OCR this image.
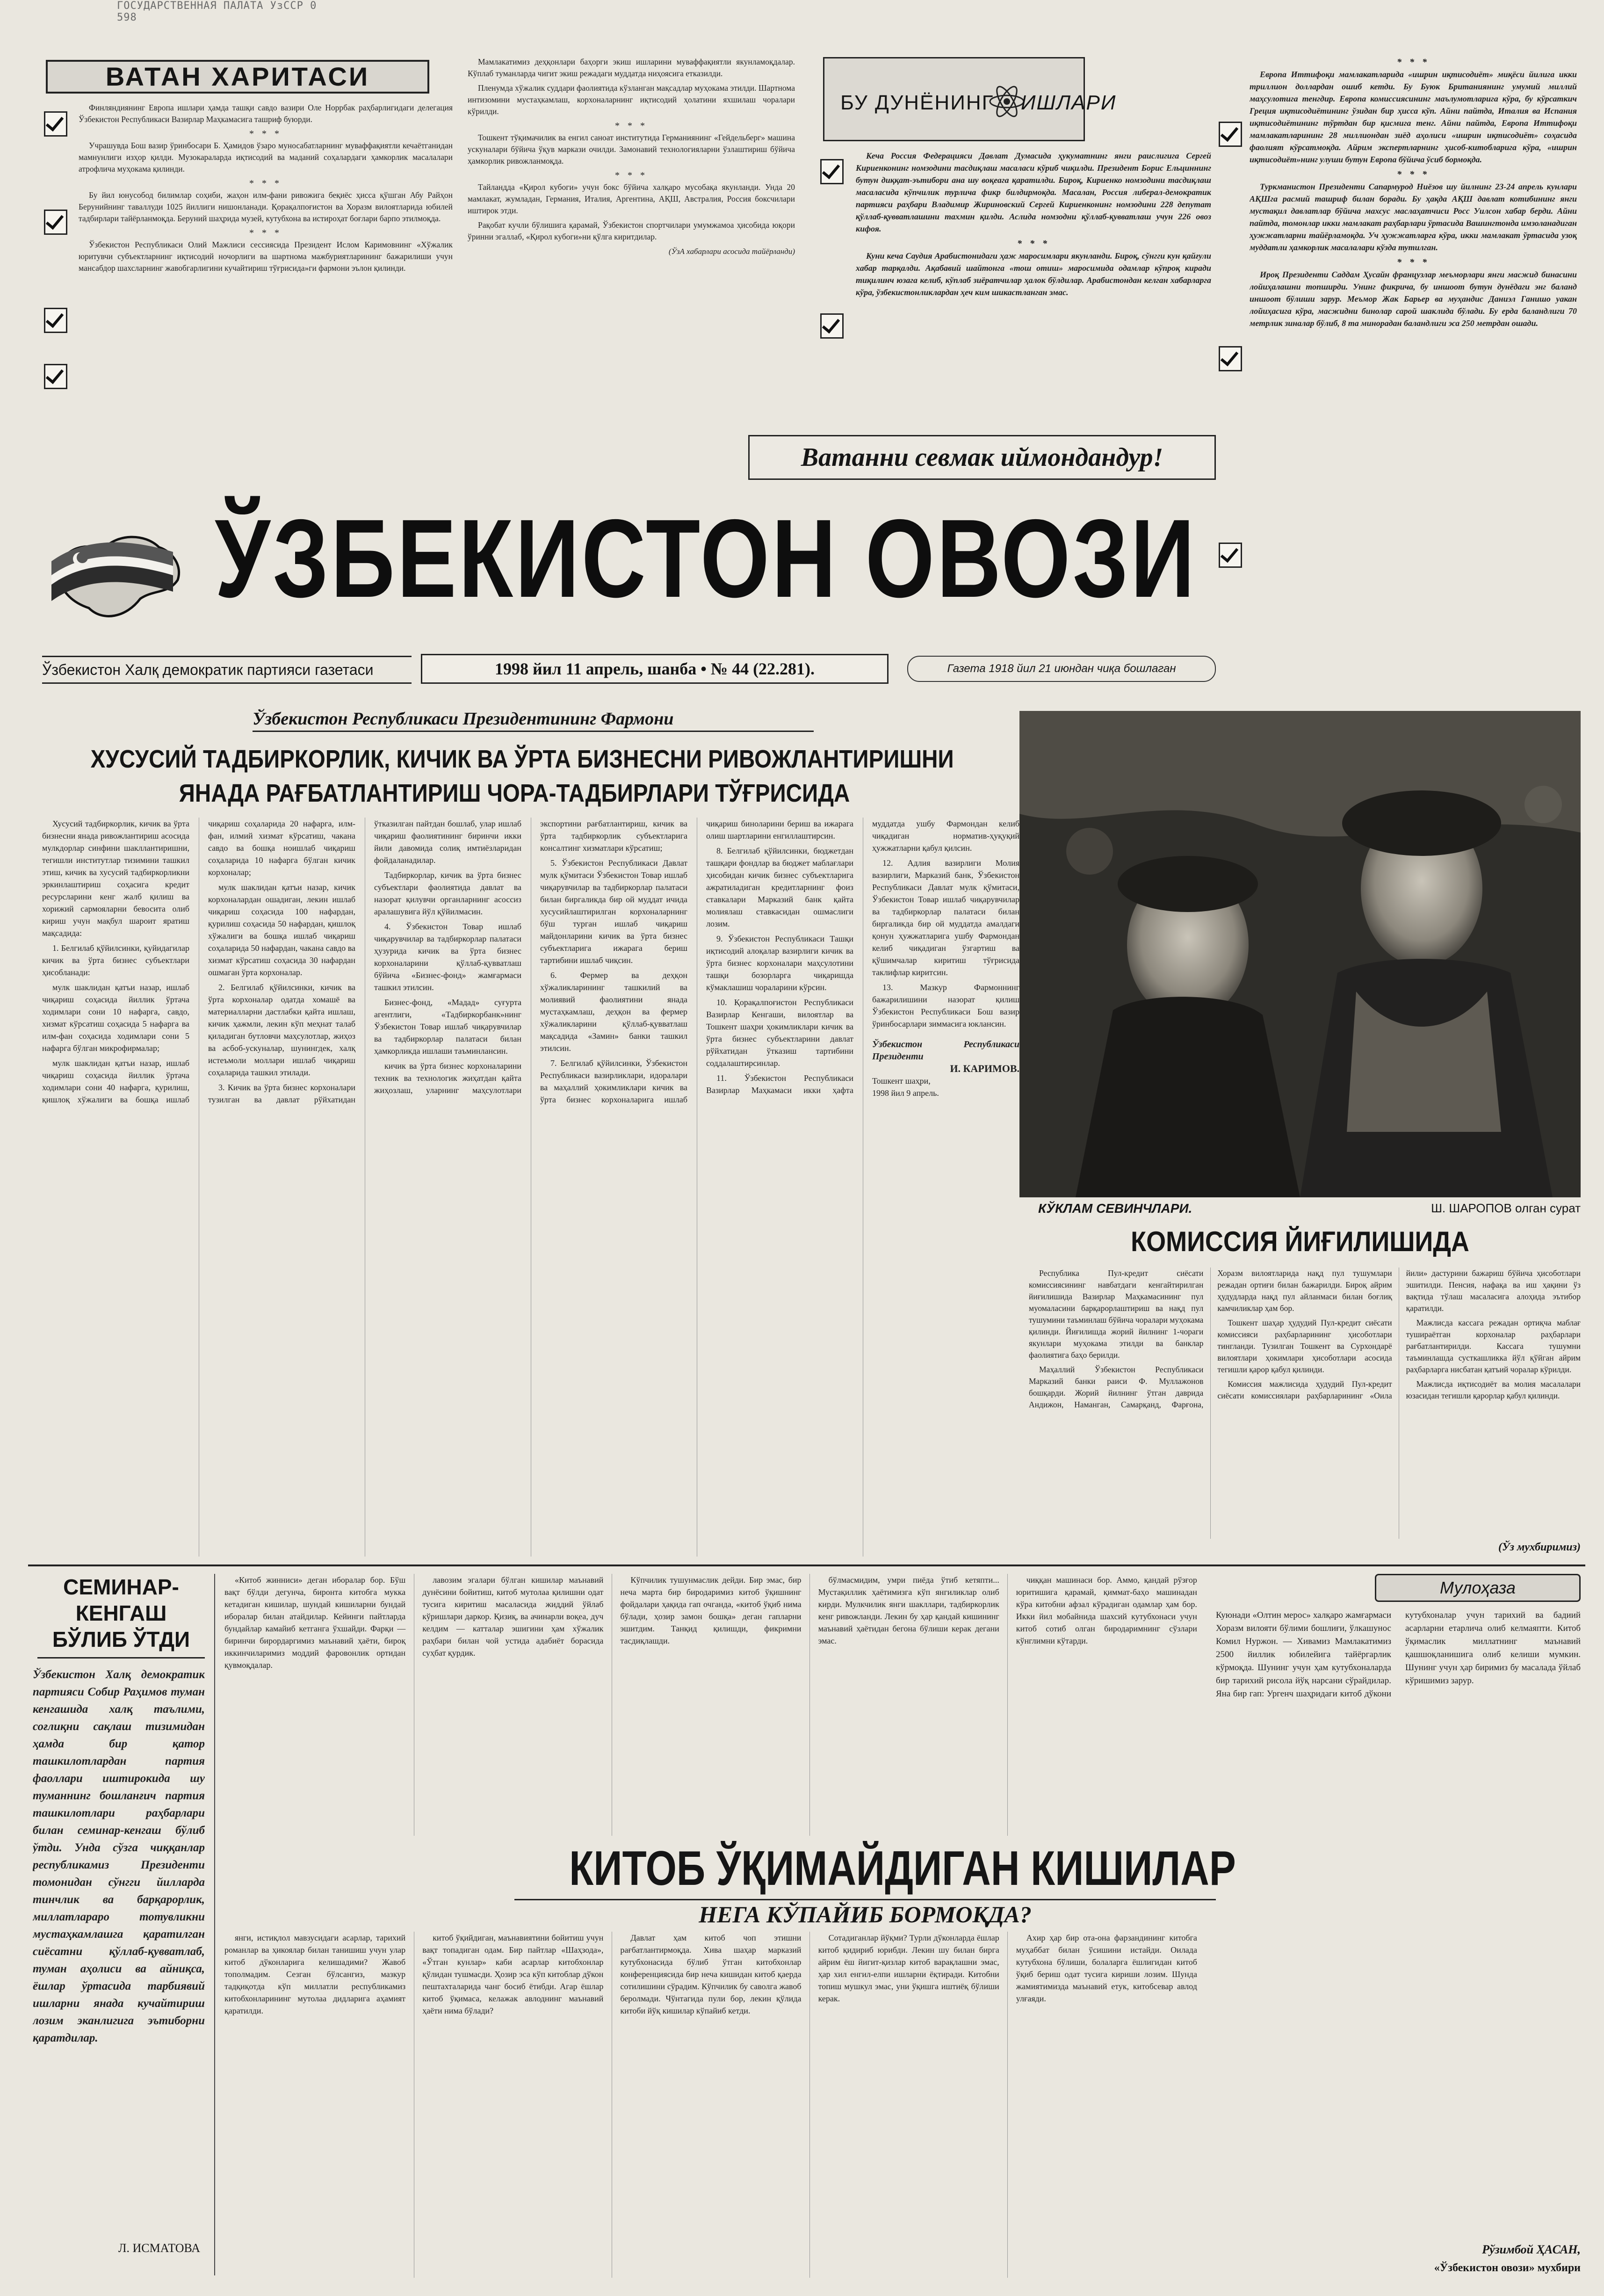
ГОСУДАРСТВЕННАЯ ПАЛАТА УзССР 0 598
ВАТАН ХАРИТАСИ

Финляндиянинг Европа ишлари ҳамда ташқи савдо вазири Оле Норрбак раҳбарлигидаги делегация Ўзбекистон Республикаси Вазирлар Маҳкамасига ташриф буюрди.

* * *

Учрашувда Бош вазир ўринбосари Б. Ҳамидов ўзаро муносабатларнинг муваффақиятли кечаётганидан мамнунлиги изҳор қилди. Музокараларда иқтисодий ва маданий соҳалардаги ҳамкорлик масалалари атрофлича муҳокама қилинди.

* * *

Бу йил юнусобод билимлар соҳиби, жаҳон илм-фани ривожига беқиёс ҳисса қўшган Абу Райҳон Берунийнинг таваллуди 1025 йиллиги нишонланади. Қорақалпоғистон ва Хоразм вилоятларида юбилей тадбирлари тайёрланмоқда. Беруний шаҳрида музей, кутубхона ва истироҳат боғлари барпо этилмоқда.

* * *

Ўзбекистон Республикаси Олий Мажлиси сессиясида Президент Ислом Каримовнинг «Хўжалик юритувчи субъектларнинг иқтисодий ночорлиги ва шартнома мажбуриятларининг бажарилиши учун мансабдор шахсларнинг жавобгарлигини кучайтириш тўғрисида»ги фармони эълон қилинди.

Мамлакатимиз деҳқонлари баҳорги экиш ишларини муваффақиятли якунламоқдалар. Кўплаб туманларда чигит экиш режадаги муддатда ниҳоясига етказилди.

Пленумда хўжалик суддари фаолиятида кўзланган мақсадлар муҳокама этилди. Шартнома интизомини мустаҳкамлаш, корхоналарнинг иқтисодий ҳолатини яхшилаш чоралари кўрилди.

* * *

Тошкент тўқимачилик ва енгил саноат институтида Германиянинг «Гейдельберг» машина ускуналари бўйича ўқув маркази очилди. Замонавий технологияларни ўзлаштириш бўйича ҳамкорлик ривожланмоқда.

* * *

Тайландда «Қирол кубоги» учун бокс бўйича халқаро мусобақа якунланди. Унда 20 мамлакат, жумладан, Германия, Италия, Аргентина, АҚШ, Австралия, Россия боксчилари иштирок этди.

Рақобат кучли бўлишига қарамай, Ўзбекистон спортчилари умумжамоа ҳисобида юқори ўринни эгаллаб, «Қирол кубоги»ни қўлга киритдилар.

(ЎзА хабарлари асосида тайёрланди)
БУ ДУНЁНИНГ ИШЛАРИ

Кеча Россия Федерацияси Давлат Думасида ҳукуматнинг янги раислигига Сергей Кириенконинг номзодини тасдиқлаш масаласи кўриб чиқилди. Президент Борис Ельциннинг бутун диққат-эътибори ана шу воқеага қаратилди. Бироқ, Кириенко номзодини тасдиқлаш масаласида кўпчилик турлича фикр билдирмоқда. Масалан, Россия либерал-демократик партияси раҳбари Владимир Жириновский Сергей Кириенконинг номзодини 228 депутат қўллаб-қувватлашини тахмин қилди. Аслида номзодни қўллаб-қувватлаш учун 226 овоз кифоя.

* * *

Куни кеча Саудия Арабистонидаги ҳаж маросимлари якунланди. Бироқ, сўнгги кун қайғули хабар тарқалди. Ақабавий шайтонга «тош отиш» маросимида одамлар кўпроқ киради тиқилинч юзага келиб, кўплаб зиёратчилар ҳалок бўлдилар. Арабистондан келган хабарларга кўра, ўзбекистонликлардан ҳеч ким шикастланган эмас.

* * *

Европа Иттифоқи мамлакатларида «ишрин иқтисодиёт» миқёси йилига икки триллион доллардан ошиб кетди. Бу Буюк Британиянинг умумий миллий маҳсулотига тенгдир. Европа комиссиясининг маълумотларига кўра, бу кўрсаткич Греция иқтисодиётининг ўзидан бир ҳисса кўп. Айни пайтда, Италия ва Испания иқтисодиётининг тўртдан бир қисмига тенг. Айни пайтда, Европа Иттифоқи мамлакатларининг 28 миллиондан зиёд аҳолиси «ишрин иқтисодиёт» соҳасида фаолият кўрсатмоқда. Айрим экспертларнинг ҳисоб-китобларига кўра, «ишрин иқтисодиёт»нинг улуши бутун Европа бўйича ўсиб бормоқда.

* * *

Туркманистон Президенти Сапармурод Ниёзов шу йилнинг 23-24 апрель кунлари АҚШга расмий ташриф билан боради. Бу ҳақда АҚШ давлат котибининг янги мустақил давлатлар бўйича махсус маслаҳатчиси Росс Уилсон хабар берди. Айни пайтда, томонлар икки мамлакат раҳбарлари ўртасида Вашингтонда имзоланадиган ҳужжатларни тайёрламоқда. Уч ҳужжатларга кўра, икки мамлакат ўртасида узоқ муддатли ҳамкорлик масалалари кўзда тутилган.

* * *

Ироқ Президенти Саддам Ҳусайн французлар меъморлари янги масжид бинасини лойиҳалашни топширди. Унинг фикрича, бу иншоот бутун дунёдаги энг баланд иншоот бўлиши зарур. Меъмор Жак Барьер ва муҳандис Даниэл Ганишо уакан лойиҳасига кўра, масжидни бинолар сарой шаклида бўлади. Бу ерда баландлиги 70 метрлик зиналар бўлиб, 8 та минорадан баландлиги эса 250 метрдан ошади.

Ватанни севмак иймондандур!
ЎЗБЕКИСТОН ОВОЗИ
Ўзбекистон Халқ демократик партияси газетаси	1998 йил 11 апрель, шанба • № 44 (22.281).	Газета 1918 йил 21 июндан чиқа бошлаган
Ўзбекистон Республикаси Президентининг Фармони
ХУСУСИЙ ТАДБИРКОРЛИК, КИЧИК ВА ЎРТА БИЗНЕСНИ РИВОЖЛАНТИРИШНИ
ЯНАДА РАҒБАТЛАНТИРИШ ЧОРА-ТАДБИРЛАРИ ТЎҒРИСИДА

Хусусий тадбиркорлик, кичик ва ўрта бизнесни янада ривожлантириш асосида мулкдорлар синфини шакллантиришни, тегишли институтлар тизимини ташкил этиш, кичик ва хусусий тадбиркорликни эркинлаштириш соҳасига кредит ресурсларини кенг жалб қилиш ва хорижий сармояларни бевосита олиб кириш учун мақбул шароит яратиш мақсадида:

1. Белгилаб қўйилсинки, қуйидагилар кичик ва ўрта бизнес субъектлари ҳисобланади:

мулк шаклидан қатъи назар, ишлаб чиқариш соҳасида йиллик ўртача ходимлари сони 10 нафарга, савдо, хизмат кўрсатиш соҳасида 5 нафарга ва илм-фан соҳасида ходимлари сони 5 нафарга бўлган микрофирмалар;

мулк шаклидан қатъи назар, ишлаб чиқариш соҳасида йиллик ўртача ходимлари сони 40 нафарга, қурилиш, қишлоқ хўжалиги ва бошқа ишлаб чиқариш соҳаларида 20 нафарга, илм-фан, илмий хизмат кўрсатиш, чакана савдо ва бошқа ноишлаб чиқариш соҳаларида 10 нафарга бўлган кичик корхоналар;

мулк шаклидан қатъи назар, кичик корхоналардан ошадиган, лекин ишлаб чиқариш соҳасида 100 нафардан, қурилиш соҳасида 50 нафардан, қишлоқ хўжалиги ва бошқа ишлаб чиқариш соҳаларида 50 нафардан, чакана савдо ва хизмат кўрсатиш соҳасида 30 нафардан ошмаган ўрта корхоналар.

2. Белгилаб қўйилсинки, кичик ва ўрта корхоналар одатда хомашё ва материалларни дастлабки қайта ишлаш, кичик ҳажмли, лекин кўп меҳнат талаб қиладиган бутловчи маҳсулотлар, жиҳоз ва асбоб-ускуналар, шунингдек, халқ истеъмоли моллари ишлаб чиқариш соҳаларида ташкил этилади.

3. Кичик ва ўрта бизнес корхоналари тузилган ва давлат рўйхатидан ўтказилган пайтдан бошлаб, улар ишлаб чиқариш фаолиятининг биринчи икки йили давомида солиқ имтиёзларидан фойдаланадилар.

Тадбиркорлар, кичик ва ўрта бизнес субъектлари фаолиятида давлат ва назорат қилувчи органларнинг асоссиз аралашувига йўл қўйилмасин.

4. Ўзбекистон Товар ишлаб чиқарувчилар ва тадбиркорлар палатаси ҳузурида кичик ва ўрта бизнес корхоналарини қўллаб-қувватлаш бўйича «Бизнес-фонд» жамғармаси ташкил этилсин.

Бизнес-фонд, «Мадад» суғурта агентлиги, «Тадбиркорбанк»нинг Ўзбекистон Товар ишлаб чиқарувчилар ва тадбиркорлар палатаси билан ҳамкорликда ишлаши таъминлансин.

кичик ва ўрта бизнес корхоналарини техник ва технологик жиҳатдан қайта жиҳозлаш, уларнинг маҳсулотлари экспортини рағбатлантириш, кичик ва ўрта тадбиркорлик субъектларига консалтинг хизматлари кўрсатиш;

5. Ўзбекистон Республикаси Давлат мулк қўмитаси Ўзбекистон Товар ишлаб чиқарувчилар ва тадбиркорлар палатаси билан биргаликда бир ой муддат ичида хусусийлаштирилган корхоналарнинг бўш турган ишлаб чиқариш майдонларини кичик ва ўрта бизнес субъектларига ижарага бериш тартибини ишлаб чиқсин.

6. Фермер ва деҳқон хўжаликларининг ташкилий ва молиявий фаолиятини янада мустаҳкамлаш, деҳқон ва фермер хўжаликларини қўллаб-қувватлаш мақсадида «Замин» банки ташкил этилсин.

7. Белгилаб қўйилсинки, Ўзбекистон Республикаси вазирликлари, идоралари ва маҳаллий ҳокимликлари кичик ва ўрта бизнес корхоналарига ишлаб чиқариш биноларини бериш ва ижарага олиш шартларини енгиллаштирсин.

8. Белгилаб қўйилсинки, бюджетдан ташқари фондлар ва бюджет маблағлари ҳисобидан кичик бизнес субъектларига ажратиладиган кредитларнинг фоиз ставкалари Марказий банк қайта молиялаш ставкасидан ошмаслиги лозим.

9. Ўзбекистон Республикаси Ташқи иқтисодий алоқалар вазирлиги кичик ва ўрта бизнес корхоналари маҳсулотини ташқи бозорларга чиқаришда кўмаклашиш чораларини кўрсин.

10. Қорақалпоғистон Республикаси Вазирлар Кенгаши, вилоятлар ва Тошкент шаҳри ҳокимликлари кичик ва ўрта бизнес субъектларини давлат рўйхатидан ўтказиш тартибини соддалаштирсинлар.

11. Ўзбекистон Республикаси Вазирлар Маҳкамаси икки ҳафта муддатда ушбу Фармондан келиб чиқадиган норматив-ҳуқуқий ҳужжатларни қабул қилсин.

12. Адлия вазирлиги Молия вазирлиги, Марказий банк, Ўзбекистон Республикаси Давлат мулк қўмитаси, Ўзбекистон Товар ишлаб чиқарувчилар ва тадбиркорлар палатаси билан биргаликда бир ой муддатда амалдаги қонун ҳужжатларига ушбу Фармондан келиб чиқадиган ўзгартиш ва қўшимчалар киритиш тўғрисида таклифлар киритсин.

13. Мазкур Фармоннинг бажарилишини назорат қилиш Ўзбекистон Республикаси Бош вазир ўринбосарлари зиммасига юклансин.

Ўзбекистон Республикаси Президенти
И. КАРИМОВ.
Тошкент шаҳри,
1998 йил 9 апрель.
КЎКЛАМ СЕВИНЧЛАРИ.	Ш. ШАРОПОВ олган сурат
КОМИССИЯ ЙИҒИЛИШИДА

Республика Пул-кредит сиёсати комиссиясининг навбатдаги кенгайтирилган йиғилишида Вазирлар Маҳкамасининг пул муомаласини барқарорлаштириш ва нақд пул тушумини таъминлаш бўйича чоралари муҳокама қилинди. Йиғилишда жорий йилнинг 1-чораги якунлари муҳокама этилди ва банклар фаолиятига баҳо берилди.

Маҳаллий Ўзбекистон Республикаси Марказий банки раиси Ф. Муллажонов бошқарди. Жорий йилнинг ўтган даврида Андижон, Наманган, Самарқанд, Фарғона, Хоразм вилоятларида нақд пул тушумлари режадан ортиғи билан бажарилди. Бироқ айрим ҳудудларда нақд пул айланмаси билан боғлиқ камчиликлар ҳам бор.

Тошкент шаҳар ҳудудий Пул-кредит сиёсати комиссияси раҳбарларининг ҳисоботлари тингланди. Тузилган Тошкент ва Сурхондарё вилоятлари ҳокимлари ҳисоботлари асосида тегишли қарор қабул қилинди.

Комиссия мажлисида ҳудудий Пул-кредит сиёсати комиссиялари раҳбарларининг «Оила йили» дастурини бажариш бўйича ҳисоботлари эшитилди. Пенсия, нафақа ва иш ҳақини ўз вақтида тўлаш масаласига алоҳида эътибор қаратилди.

Мажлисда кассага режадан ортиқча маблағ тушираётган корхоналар раҳбарлари рағбатлантирилди. Кассага тушумни таъминлашда сусткашликка йўл қўйган айрим раҳбарларга нисбатан қатъий чоралар кўрилди.

Мажлисда иқтисодиёт ва молия масалалари юзасидан тегишли қарорлар қабул қилинди.

(Ўз мухбиримиз)
СЕМИНАР-
КЕНГАШ
БЎЛИБ ЎТДИ
Ўзбекистон Халқ демократик партияси Собир Раҳимов туман кенгашида халқ таълими, соғлиқни сақлаш тизимидан ҳамда бир қатор ташкилотлардан партия фаоллари иштирокида шу туманнинг бошланғич партия ташкилотлари раҳбарлари билан семинар-кенгаш бўлиб ўтди. Унда сўзга чиққанлар республикамиз Президенти томонидан сўнгги йилларда тинчлик ва барқарорлик, миллатлараро тотувликни мустаҳкамлашга қаратилган сиёсатни қўллаб-қувватлаб, туман аҳолиси ва айниқса, ёшлар ўртасида тарбиявий ишларни янада кучайтириш лозим эканлигига эътиборни қаратдилар.
Л. ИСМАТОВА

«Китоб жинниси» деган иборалар бор. Бўш вақт бўлди дегунча, биронта китобга мукка кетадиган кишилар, шундай кишиларни бундай иборалар билан атайдилар. Кейинги пайтларда бундайлар камайиб кетганга ўхшайди. Фарқи — биринчи бирордаргимиз маънавий ҳаёти, бироқ иккинчиларимиз моддий фаровонлик ортидан қувмоқдалар.

лавозим эгалари бўлган кишилар маънавий дунёсини бойитиш, китоб мутолаа қилишни одат тусига киритиш масаласида жиддий ўйлаб кўришлари даркор. Қизиқ, ва ачинарли воқеа, дуч келдим — катталар эшигини ҳам хўжалик раҳбари билан чой устида адабиёт борасида суҳбат қурдик.

Кўпчилик тушунмаслик дейди. Бир эмас, бир неча марта бир биродаримиз китоб ўқишнинг фойдалари ҳақида гап очганда, «китоб ўқиб нима бўлади, ҳозир замон бошқа» деган гапларни эшитдим. Танқид қилишди, фикримни тасдиқлашди.

бўлмасмидим, умри пиёда ўтиб кетяпти... Мустақиллик ҳаётимизга кўп янгиликлар олиб кирди. Мулкчилик янги шакллари, тадбиркорлик кенг ривожланди. Лекин бу ҳар қандай кишининг маънавий ҳаётидан бегона бўлиши керак дегани эмас.

чиққан машинаси бор. Аммо, қандай рўзғор юритишига қарамай, қиммат-баҳо машинадан кўра китобни афзал кўрадиган одамлар ҳам бор. Икки йил мобайнида шахсий кутубхонаси учун китоб сотиб олган биродаримнинг сўзлари кўнглимни кўтарди.

КИТОБ ЎҚИМАЙДИГАН КИШИЛАР
НЕГА КЎПАЙИБ БОРМОҚДА?

янги, истиқлол мавзусидаги асарлар, тарихий романлар ва ҳикоялар билан танишиш учун улар китоб дўконларига келишадими? Жавоб тополмадим. Сезган бўлсангиз, мазкур тадқиқотда кўп миллатли республикамиз китобхонларининг мутолаа дидларига аҳамият қаратилди.

китоб ўқийдиган, маънавиятини бойитиш учун вақт топадиган одам. Бир пайтлар «Шаҳзода», «Ўтган кунлар» каби асарлар китобхонлар қўлидан тушмасди. Ҳозир эса кўп китоблар дўкон пештахталарида чанг босиб ётибди. Агар ёшлар китоб ўқимаса, келажак авлоднинг маънавий ҳаёти нима бўлади?

Давлат ҳам китоб чоп этишни рағбатлантирмоқда. Хива шаҳар марказий кутубхонасида бўлиб ўтган китобхонлар конференциясида бир неча кишидан китоб қаерда сотилишини сўрадим. Кўпчилик бу саволга жавоб беролмади. Чўнтагида пули бор, лекин қўлида китоби йўқ кишилар кўпайиб кетди.

Сотадиганлар йўқми? Турли дўконларда ёшлар китоб қидириб юрибди. Лекин шу билан бирга айрим ёш йигит-қизлар китоб варақлашни эмас, ҳар хил енгил-елпи ишларни ёқтиради. Китобни топиш мушкул эмас, уни ўқишга иштиёқ бўлиши керак.

Ахир ҳар бир ота-она фарзандининг китобга муҳаббат билан ўсишини истайди. Оилада кутубхона бўлиши, болаларга ёшлигидан китоб ўқиб бериш одат тусига кириши лозим. Шунда жамиятимизда маънавий етук, китобсевар авлод улғаяди.

Мулоҳаза
Куюнади «Олтин мерос» халқаро жамғармаси Хоразм вилояти бўлими бошлиғи, ўлкашунос Комил Нуржон. — Хивамиз Мамлакатимиз 2500 йиллик юбилейига тайёргарлик кўрмоқда. Шунинг учун ҳам кутубхоналарда бир тарихий рисола йўқ нарсани сўрайдилар. Яна бир гап: Ургенч шаҳридаги китоб дўкони кутубхоналар учун тарихий ва бадиий асарларни етарлича олиб келмаяпти. Китоб ўқимаслик миллатнинг маънавий қашшоқланишига олиб келиши мумкин. Шунинг учун ҳар биримиз бу масалада ўйлаб кўришимиз зарур.
Рўзимбой ҲАСАН,
«Ўзбекистон овози» мухбири
